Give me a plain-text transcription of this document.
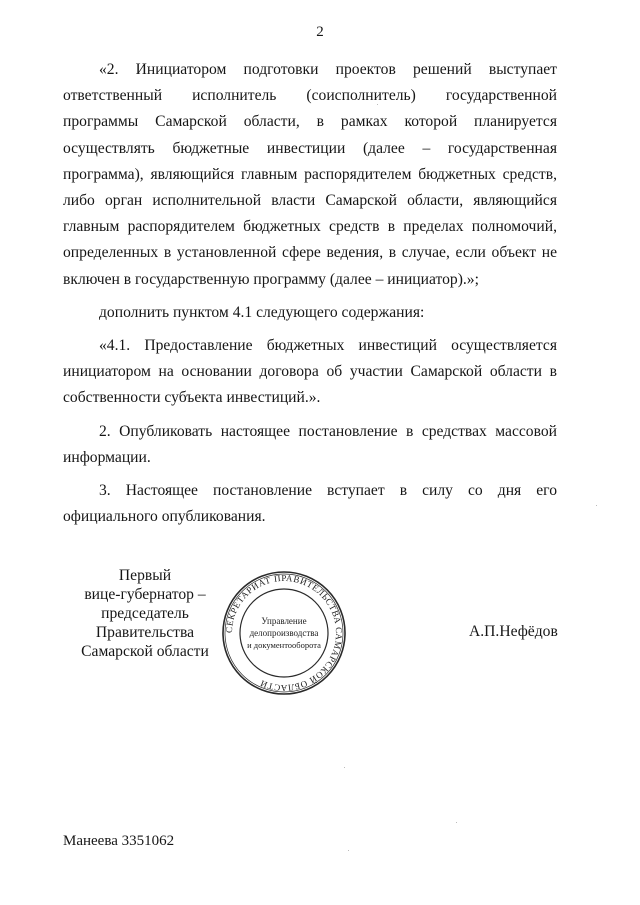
2

«2. Инициатором подготовки проектов решений выступает ответственный исполнитель (соисполнитель) государственной программы Самарской области, в рамках которой планируется осуществлять бюджетные инвестиции (далее – государственная программа), являющийся главным распорядителем бюджетных средств, либо орган исполнительной власти Самарской области, являющийся главным распорядителем бюджетных средств в пределах полномочий, определенных в установленной сфере ведения, в случае, если объект не включен в государственную программу (далее – инициатор).»;

дополнить пунктом 4.1 следующего содержания:

«4.1. Предоставление бюджетных инвестиций осуществляется инициатором на основании договора об участии Самарской области в собственности субъекта инвестиций.».

2. Опубликовать настоящее постановление в средствах массовой информации.

3. Настоящее постановление вступает в силу со дня его официального опубликования.

Первый
вице-губернатор –
председатель Правительства
Самарской области
СЕКРЕТАРИАТ ПРАВИТЕЛЬСТВА САМАРСКОЙ ОБЛАСТИ
Управление
делопроизводства
и документооборота
А.П.Нефёдов
Манеева 3351062
